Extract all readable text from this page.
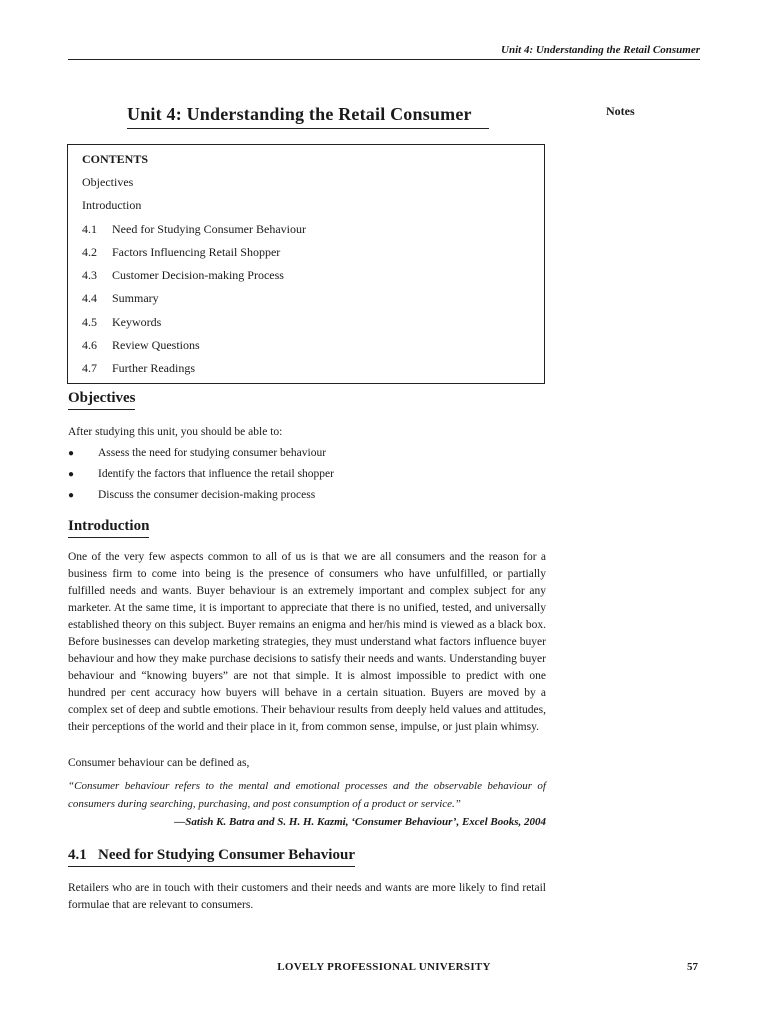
Unit 4: Understanding the Retail Consumer
Unit 4: Understanding the Retail Consumer	Notes
CONTENTS
Objectives
Introduction
4.1 Need for Studying Consumer Behaviour
4.2 Factors Influencing Retail Shopper
4.3 Customer Decision-making Process
4.4 Summary
4.5 Keywords
4.6 Review Questions
4.7 Further Readings
Objectives

After studying this unit, you should be able to:

● Assess the need for studying consumer behaviour
● Identify the factors that influence the retail shopper
● Discuss the consumer decision-making process
Introduction

One of the very few aspects common to all of us is that we are all consumers and the reason for a business firm to come into being is the presence of consumers who have unfulfilled, or partially fulfilled needs and wants. Buyer behaviour is an extremely important and complex subject for any marketer. At the same time, it is important to appreciate that there is no unified, tested, and universally established theory on this subject. Buyer remains an enigma and her/his mind is viewed as a black box. Before businesses can develop marketing strategies, they must understand what factors influence buyer behaviour and how they make purchase decisions to satisfy their needs and wants. Understanding buyer behaviour and “knowing buyers” are not that simple. It is almost impossible to predict with one hundred per cent accuracy how buyers will behave in a certain situation. Buyers are moved by a complex set of deep and subtle emotions. Their behaviour results from deeply held values and attitudes, their perceptions of the world and their place in it, from common sense, impulse, or just plain whimsy.

Consumer behaviour can be defined as,

“Consumer behaviour refers to the mental and emotional processes and the observable behaviour of consumers during searching, purchasing, and post consumption of a product or service.”

—Satish K. Batra and S. H. H. Kazmi, ‘Consumer Behaviour’, Excel Books, 2004
4.1 Need for Studying Consumer Behaviour

Retailers who are in touch with their customers and their needs and wants are more likely to find retail formulae that are relevant to consumers.

LOVELY PROFESSIONAL UNIVERSITY	57
